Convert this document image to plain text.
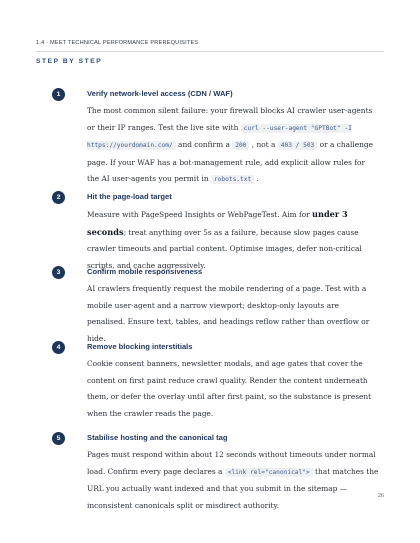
1.4 · MEET TECHNICAL PERFORMANCE PREREQUISITES
STEP BY STEP
1	Verify network-level access (CDN / WAF)
The most common silent failure: your firewall blocks AI crawler user-agents or their IP ranges. Test the live site with curl --user-agent "GPTBot" -I https://yourdomain.com/ and confirm a 200 , not a 403 / 503 or a challenge page. If your WAF has a bot-management rule, add explicit allow rules for the AI user-agents you permit in robots.txt .
2	Hit the page-load target
Measure with PageSpeed Insights or WebPageTest. Aim for under 3 seconds; treat anything over 5s as a failure, because slow pages cause crawler timeouts and partial content. Optimise images, defer non-critical scripts, and cache aggressively.
3	Confirm mobile responsiveness
AI crawlers frequently request the mobile rendering of a page. Test with a mobile user-agent and a narrow viewport; desktop-only layouts are penalised. Ensure text, tables, and headings reflow rather than overflow or hide.
4	Remove blocking interstitials
Cookie consent banners, newsletter modals, and age gates that cover the content on first paint reduce crawl quality. Render the content underneath them, or defer the overlay until after first paint, so the substance is present when the crawler reads the page.
5	Stabilise hosting and the canonical tag
Pages must respond within about 12 seconds without timeouts under normal load. Confirm every page declares a <link rel="canonical"> that matches the URL you actually want indexed and that you submit in the sitemap — inconsistent canonicals split or misdirect authority.
26
